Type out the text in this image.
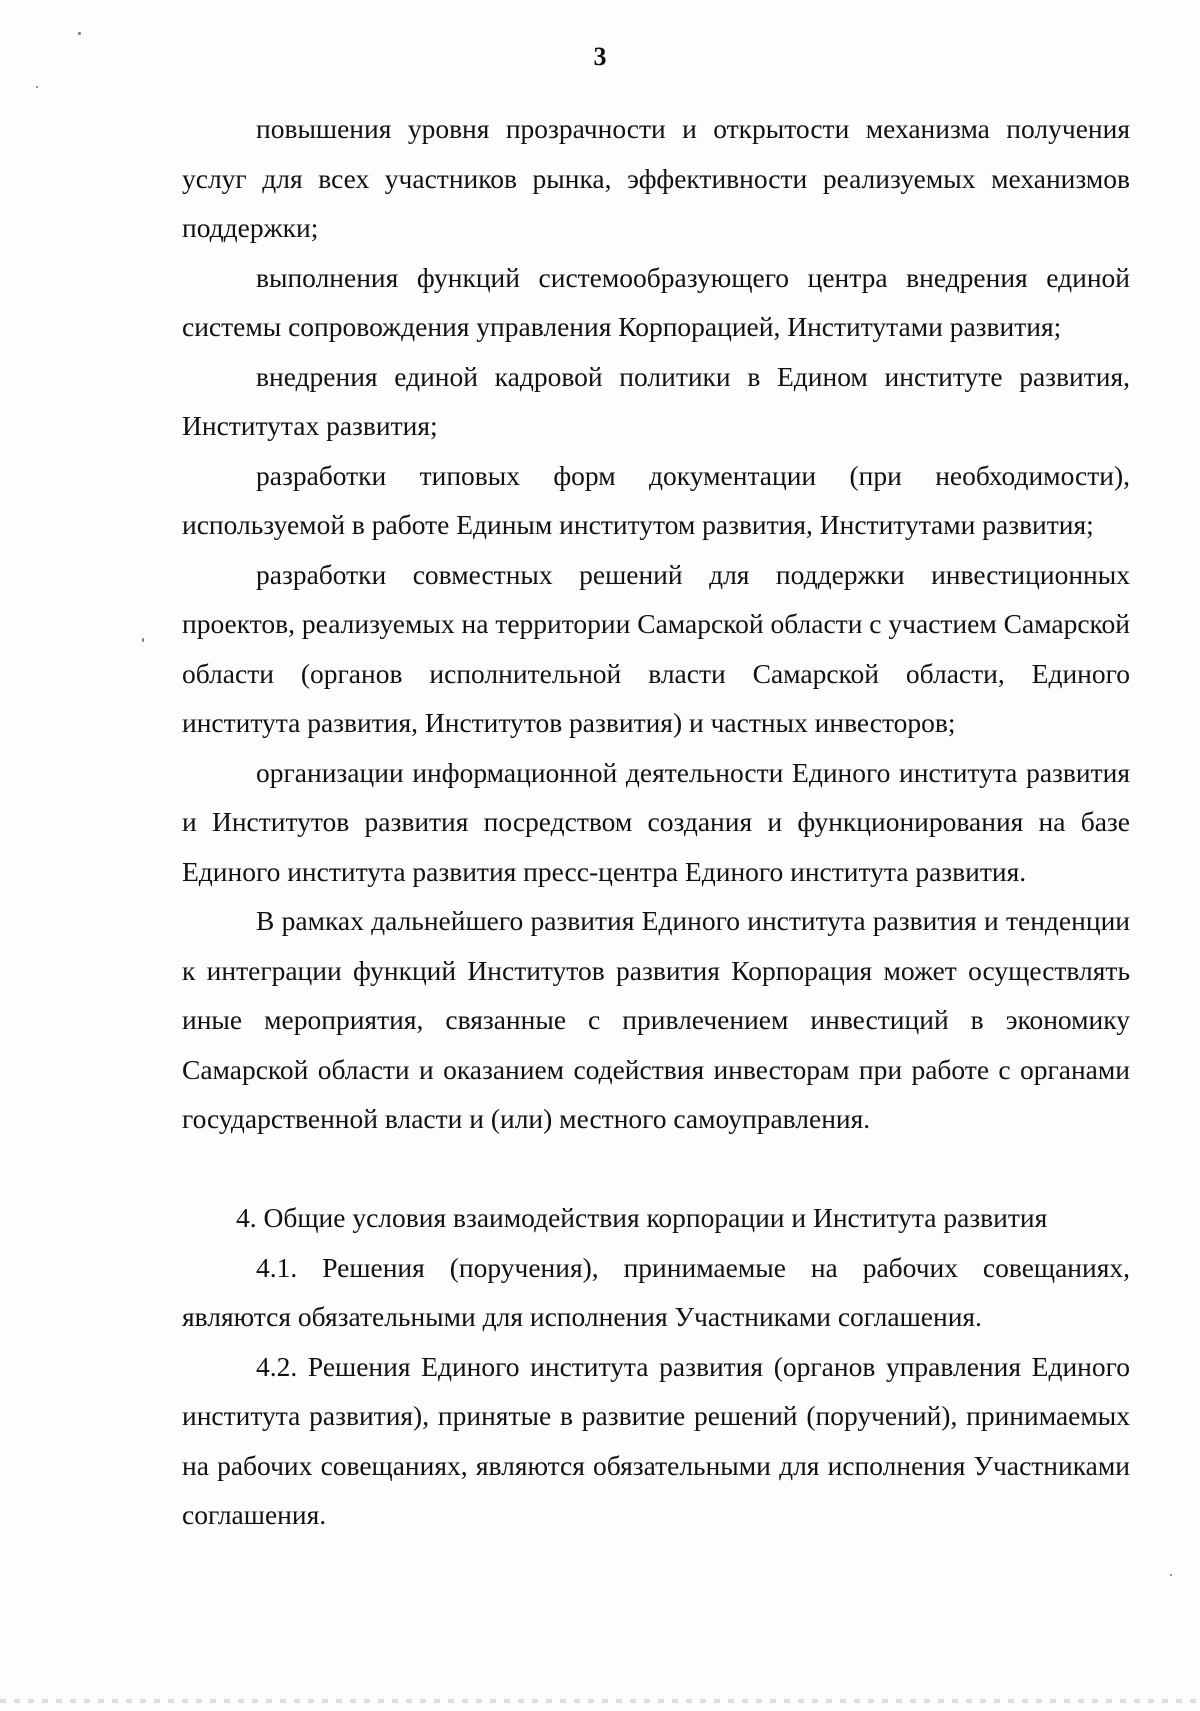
3

повышения уровня прозрачности и открытости механизма получения услуг для всех участников рынка, эффективности реализуемых механизмов поддержки;

выполнения функций системообразующего центра внедрения единой системы сопровождения управления Корпорацией, Институтами развития;

внедрения единой кадровой политики в Едином институте развития, Институтах развития;

разработки типовых форм документации (при необходимости), используемой в работе Единым институтом развития, Институтами развития;

разработки совместных решений для поддержки инвестиционных проектов, реализуемых на территории Самарской области с участием Самарской области (органов исполнительной власти Самарской области, Единого института развития, Институтов развития) и частных инвесторов;

организации информационной деятельности Единого института развития и Институтов развития посредством создания и функционирования на базе Единого института развития пресс-центра Единого института развития.

В рамках дальнейшего развития Единого института развития и тенденции к интеграции функций Институтов развития Корпорация может осуществлять иные мероприятия, связанные с привлечением инвестиций в экономику Самарской области и оказанием содействия инвесторам при работе с органами государственной власти и (или) местного самоуправления.

4. Общие условия взаимодействия корпорации и Института развития

4.1. Решения (поручения), принимаемые на рабочих совещаниях, являются обязательными для исполнения Участниками соглашения.

4.2. Решения Единого института развития (органов управления Единого института развития), принятые в развитие решений (поручений), принимаемых на рабочих совещаниях, являются обязательными для исполнения Участниками соглашения.
